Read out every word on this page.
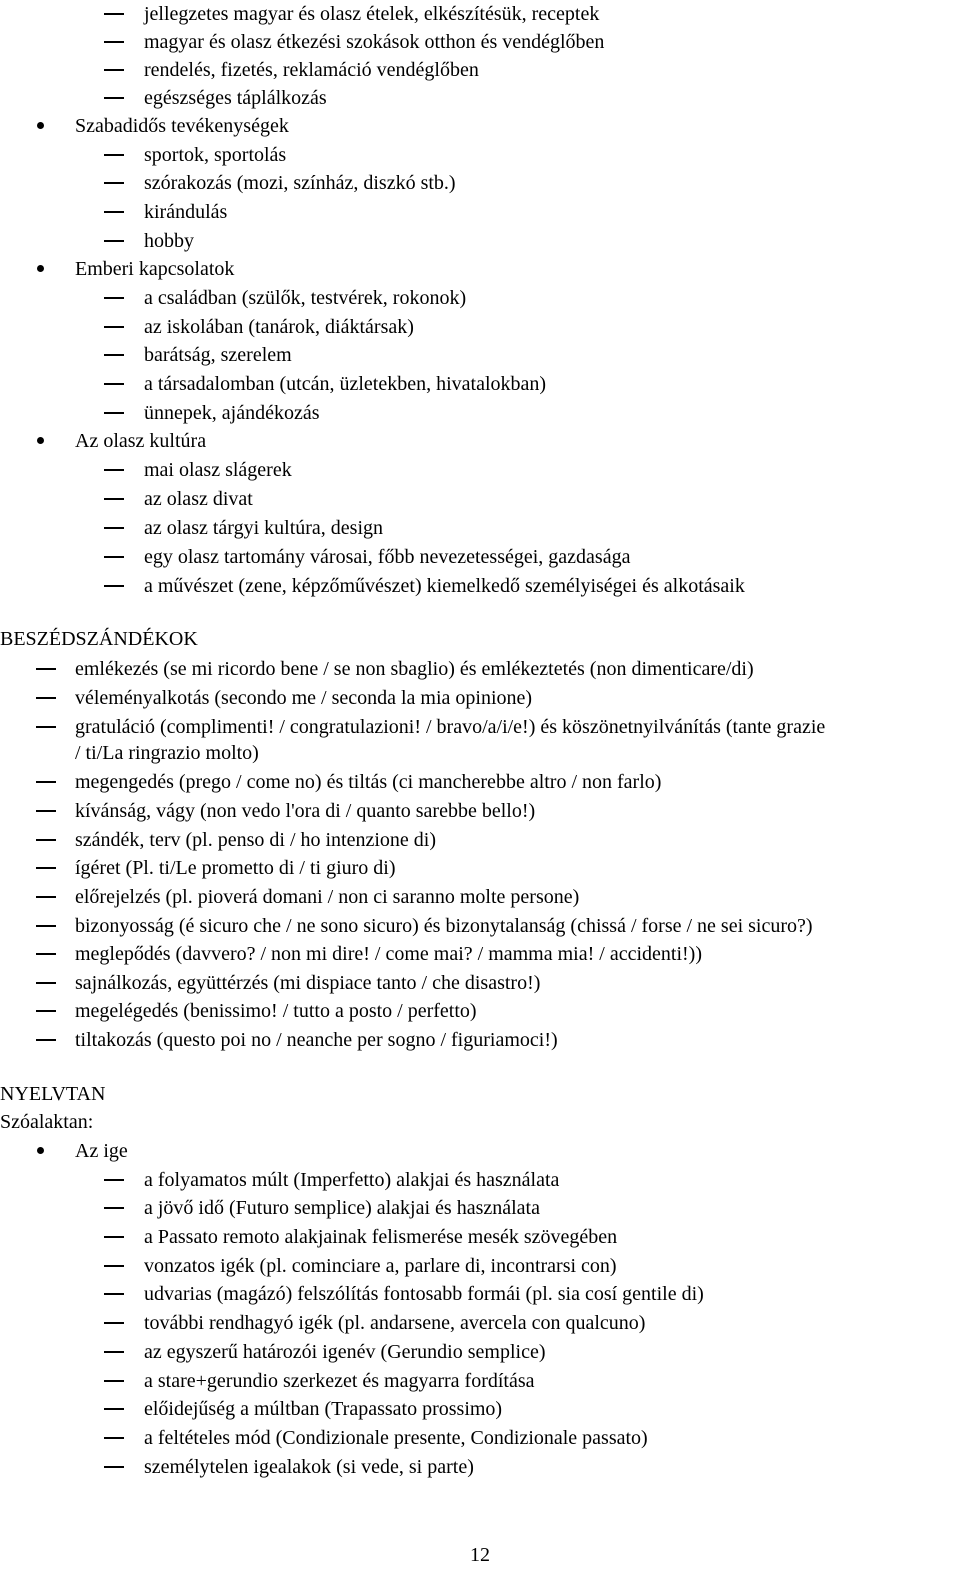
jellegzetes magyar és olasz ételek, elkészítésük, receptek
magyar és olasz étkezési szokások otthon és vendéglőben
rendelés, fizetés, reklamáció vendéglőben
egészséges táplálkozás
Szabadidős tevékenységek
sportok, sportolás
szórakozás (mozi, színház, diszkó stb.)
kirándulás
hobby
Emberi kapcsolatok
a családban (szülők, testvérek, rokonok)
az iskolában (tanárok, diáktársak)
barátság, szerelem
a társadalomban (utcán, üzletekben, hivatalokban)
ünnepek, ajándékozás
Az olasz kultúra
mai olasz slágerek
az olasz divat
az olasz tárgyi kultúra, design
egy olasz tartomány városai, főbb nevezetességei, gazdasága
a művészet (zene, képzőművészet) kiemelkedő személyiségei és alkotásaik
BESZÉDSZÁNDÉKOK
emlékezés (se mi ricordo bene / se non sbaglio) és emlékeztetés (non dimenticare/di)
véleményalkotás (secondo me / seconda la mia opinione)
gratuláció (complimenti! / congratulazioni! / bravo/a/i/e!) és köszönetnyilvánítás (tante grazie
/ ti/La ringrazio molto)
megengedés (prego / come no) és tiltás (ci mancherebbe altro / non farlo)
kívánság, vágy (non vedo l'ora di / quanto sarebbe bello!)
szándék, terv (pl. penso di / ho intenzione di)
ígéret (Pl. ti/Le prometto di / ti giuro di)
előrejelzés (pl. pioverá domani / non ci saranno molte persone)
bizonyosság (é sicuro che / ne sono sicuro) és bizonytalanság (chissá / forse / ne sei sicuro?)
meglepődés (davvero? / non mi dire! / come mai? / mamma mia! / accidenti!))
sajnálkozás, együttérzés (mi dispiace tanto / che disastro!)
megelégedés (benissimo! / tutto a posto / perfetto)
tiltakozás (questo poi no / neanche per sogno / figuriamoci!)
NYELVTAN
Szóalaktan:
Az ige
a folyamatos múlt (Imperfetto) alakjai és használata
a jövő idő (Futuro semplice) alakjai és használata
a Passato remoto alakjainak felismerése mesék szövegében
vonzatos igék (pl. cominciare a, parlare di, incontrarsi con)
udvarias (magázó) felszólítás fontosabb formái (pl. sia cosí gentile di)
további rendhagyó igék (pl. andarsene, avercela con qualcuno)
az egyszerű határozói igenév (Gerundio semplice)
a stare+gerundio szerkezet és magyarra fordítása
előidejűség a múltban (Trapassato prossimo)
a feltételes mód (Condizionale presente, Condizionale passato)
személytelen igealakok (si vede, si parte)
12
